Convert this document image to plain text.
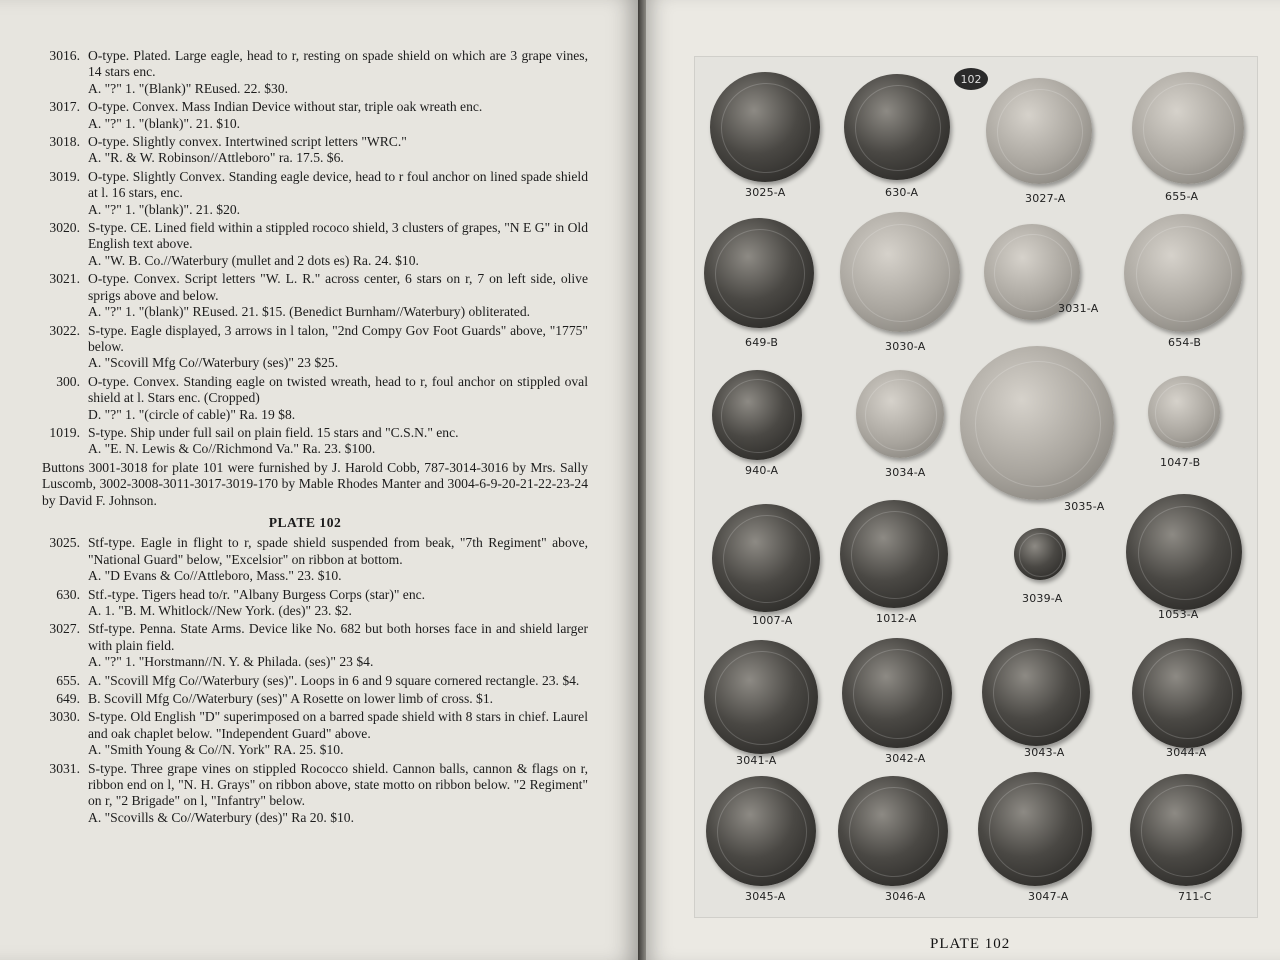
3016. O-type. Plated. Large eagle, head to r, resting on spade shield on which are 3 grape vines, 14 stars enc.
A. "?" 1. "(Blank)" REused. 22. $30.
3017. O-type. Convex. Mass Indian Device without star, triple oak wreath enc.
A. "?" 1. "(blank)". 21. $10.
3018. O-type. Slightly convex. Intertwined script letters "WRC."
A. "R. & W. Robinson//Attleboro" ra. 17.5. $6.
3019. O-type. Slightly Convex. Standing eagle device, head to r foul anchor on lined spade shield at l. 16 stars, enc.
A. "?" 1. "(blank)". 21. $20.
3020. S-type. CE. Lined field within a stippled rococo shield, 3 clusters of grapes, "N E G" in Old English text above.
A. "W. B. Co.//Waterbury (mullet and 2 dots es) Ra. 24. $10.
3021. O-type. Convex. Script letters "W. L. R." across center, 6 stars on r, 7 on left side, olive sprigs above and below.
A. "?" 1. "(blank)" REused. 21. $15. (Benedict Burnham//Waterbury) obliterated.
3022. S-type. Eagle displayed, 3 arrows in l talon, "2nd Compy Gov Foot Guards" above, "1775" below.
A. "Scovill Mfg Co//Waterbury (ses)" 23 $25.
300. O-type. Convex. Standing eagle on twisted wreath, head to r, foul anchor on stippled oval shield at l. Stars enc. (Cropped)
D. "?" 1. "(circle of cable)" Ra. 19 $8.
1019. S-type. Ship under full sail on plain field. 15 stars and "C.S.N." enc.
A. "E. N. Lewis & Co//Richmond Va." Ra. 23. $100.
Buttons 3001-3018 for plate 101 were furnished by J. Harold Cobb, 787-3014-3016 by Mrs. Sally Luscomb, 3002-3008-3011-3017-3019-170 by Mable Rhodes Manter and 3004-6-9-20-21-22-23-24 by David F. Johnson.
PLATE 102
3025. Stf-type. Eagle in flight to r, spade shield suspended from beak, "7th Regiment" above, "National Guard" below, "Excelsior" on ribbon at bottom.
A. "D Evans & Co//Attleboro, Mass." 23. $10.
630. Stf.-type. Tigers head to/r. "Albany Burgess Corps (star)" enc.
A. 1. "B. M. Whitlock//New York. (des)" 23. $2.
3027. Stf-type. Penna. State Arms. Device like No. 682 but both horses face in and shield larger with plain field.
A. "?" 1. "Horstmann//N. Y. & Philada. (ses)" 23 $4.
655. A. "Scovill Mfg Co//Waterbury (ses)". Loops in 6 and 9 square cornered rectangle. 23. $4.
649. B. Scovill Mfg Co//Waterbury (ses)" A Rosette on lower limb of cross. $1.
3030. S-type. Old English "D" superimposed on a barred spade shield with 8 stars in chief. Laurel and oak chaplet below. "Independent Guard" above.
A. "Smith Young & Co//N. York" RA. 25. $10.
3031. S-type. Three grape vines on stippled Rococco shield. Cannon balls, cannon & flags on r, ribbon end on l, "N. H. Grays" on ribbon above, state motto on ribbon below. "2 Regiment" on r, "2 Brigade" on l, "Infantry" below.
A. "Scovills & Co//Waterbury (des)" Ra 20. $10.
102
3025-A	630-A	3027-A	655-A
649-B	3030-A
3031-A
654-B
940-A	3034-A
3035-A
1047-B
1007-A	1012-A
3039-A
1053-A
3041-A	3042-A	3043-A	3044-A
3045-A	3046-A	3047-A	711-C
PLATE 102
